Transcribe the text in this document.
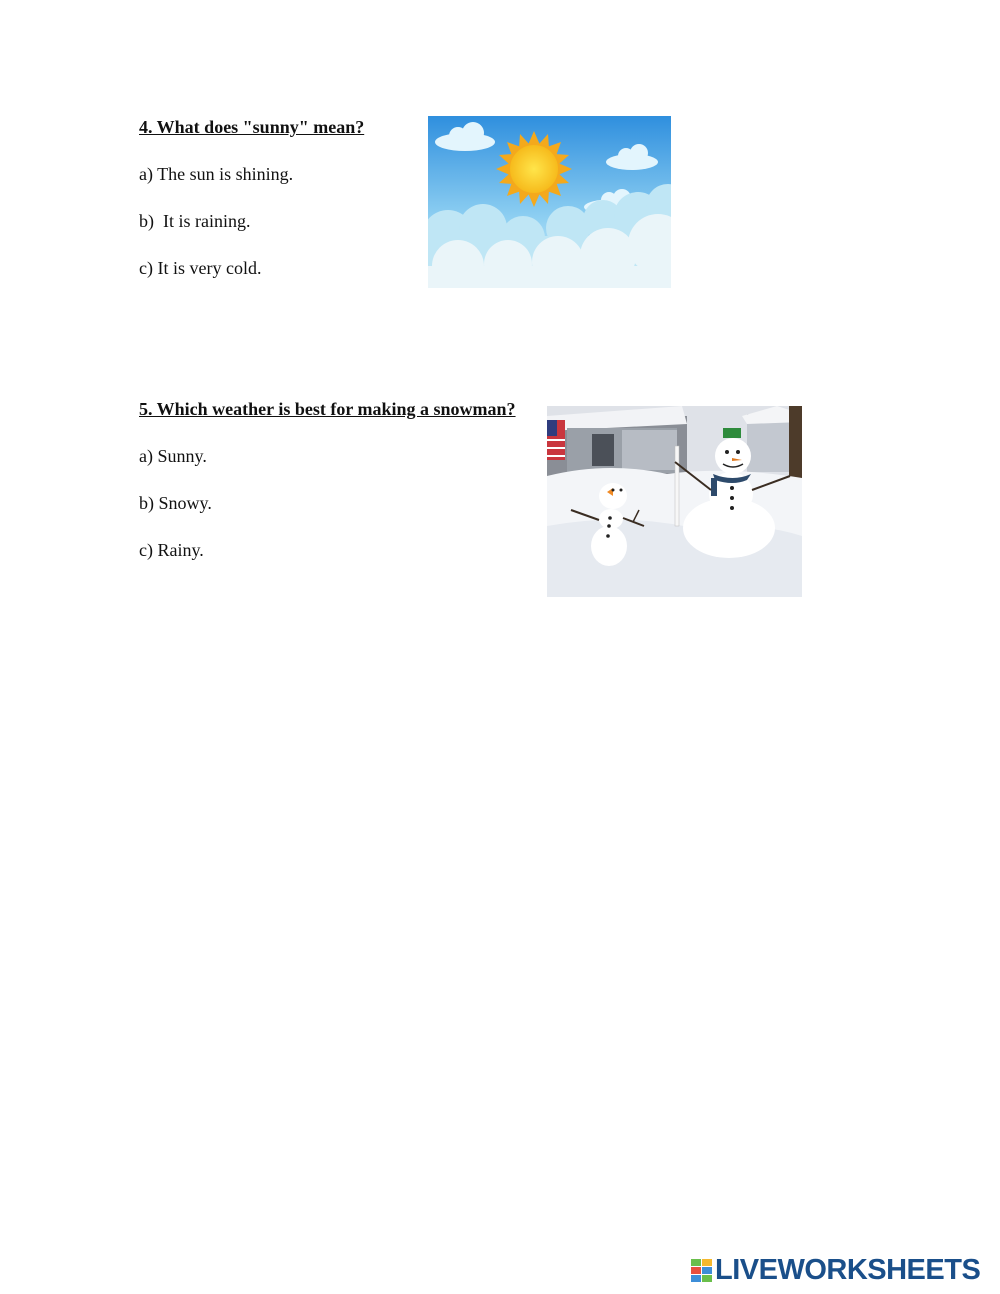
4. What does "sunny" mean?
a) The sun is shining.
b)  It is raining.
c) It is very cold.
5. Which weather is best for making a snowman?
a) Sunny.
b) Snowy.
c) Rainy.
LIVEWORKSHEETS
